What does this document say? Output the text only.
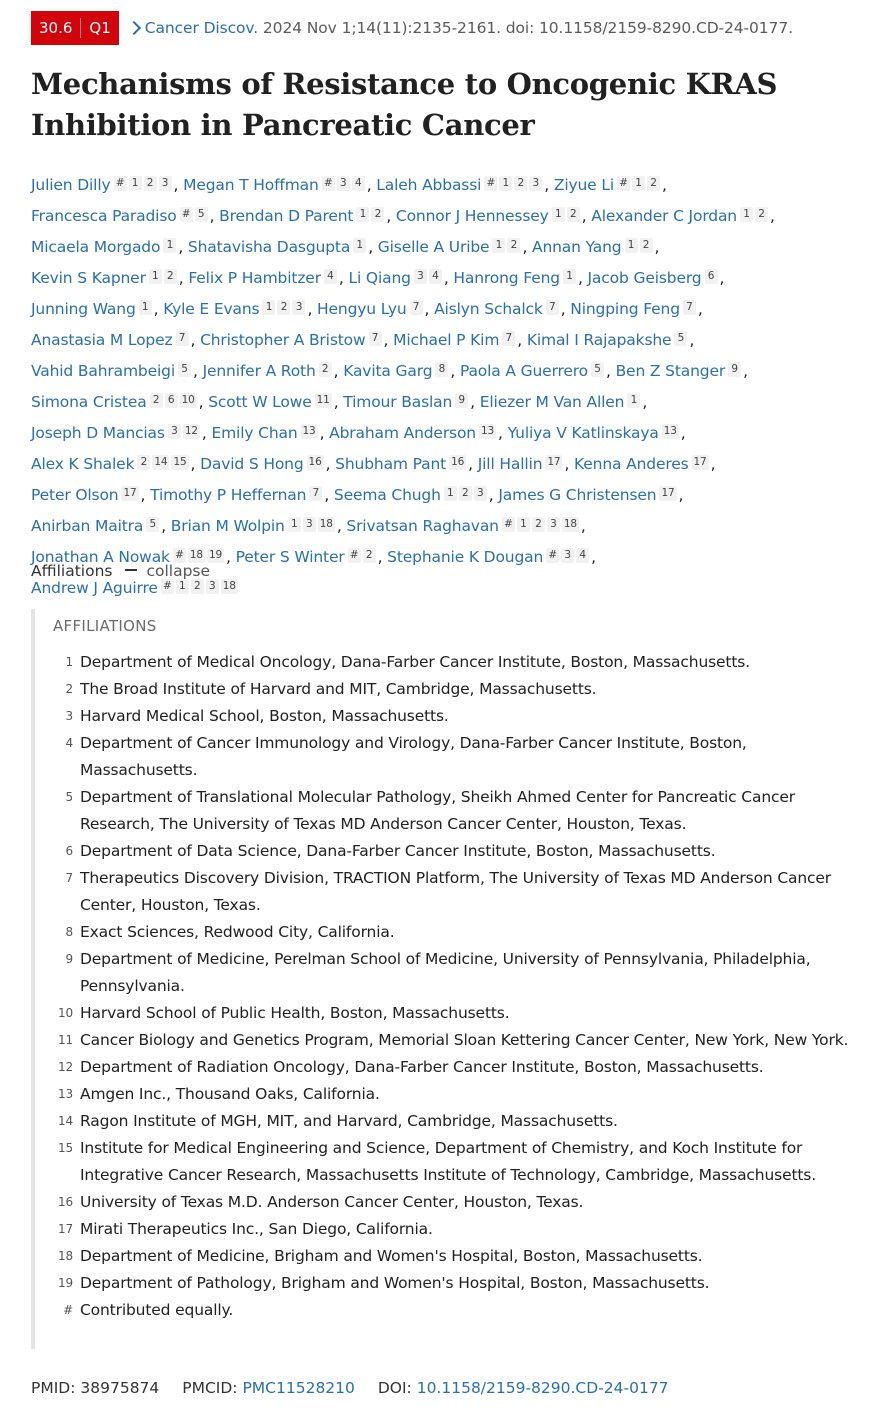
30.6	Q1	Cancer Discov. 2024 Nov 1;14(11):2135-2161. doi: 10.1158/2159-8290.CD-24-0177.
Mechanisms of Resistance to Oncogenic KRAS Inhibition in Pancreatic Cancer
Julien Dilly # 1 2 3 , Megan T Hoffman # 3 4 , Laleh Abbassi # 1 2 3 , Ziyue Li # 1 2 ,
Francesca Paradiso # 5 , Brendan D Parent 1 2 , Connor J Hennessey 1 2 , Alexander C Jordan 1 2 ,
Micaela Morgado 1 , Shatavisha Dasgupta 1 , Giselle A Uribe 1 2 , Annan Yang 1 2 ,
Kevin S Kapner 1 2 , Felix P Hambitzer 4 , Li Qiang 3 4 , Hanrong Feng 1 , Jacob Geisberg 6 ,
Junning Wang 1 , Kyle E Evans 1 2 3 , Hengyu Lyu 7 , Aislyn Schalck 7 , Ningping Feng 7 ,
Anastasia M Lopez 7 , Christopher A Bristow 7 , Michael P Kim 7 , Kimal I Rajapakshe 5 ,
Vahid Bahrambeigi 5 , Jennifer A Roth 2 , Kavita Garg 8 , Paola A Guerrero 5 , Ben Z Stanger 9 ,
Simona Cristea 2 6 10 , Scott W Lowe 11 , Timour Baslan 9 , Eliezer M Van Allen 1 ,
Joseph D Mancias 3 12 , Emily Chan 13 , Abraham Anderson 13 , Yuliya V Katlinskaya 13 ,
Alex K Shalek 2 14 15 , David S Hong 16 , Shubham Pant 16 , Jill Hallin 17 , Kenna Anderes 17 ,
Peter Olson 17 , Timothy P Heffernan 7 , Seema Chugh 1 2 3 , James G Christensen 17 ,
Anirban Maitra 5 , Brian M Wolpin 1 3 18 , Srivatsan Raghavan # 1 2 3 18 ,
Jonathan A Nowak # 18 19 , Peter S Winter # 2 , Stephanie K Dougan # 3 4 ,
Andrew J Aguirre # 1 2 3 18
Affiliations collapse
AFFILIATIONS
1 Department of Medical Oncology, Dana-Farber Cancer Institute, Boston, Massachusetts.
2 The Broad Institute of Harvard and MIT, Cambridge, Massachusetts.
3 Harvard Medical School, Boston, Massachusetts.
4 Department of Cancer Immunology and Virology, Dana-Farber Cancer Institute, Boston, Massachusetts.
5 Department of Translational Molecular Pathology, Sheikh Ahmed Center for Pancreatic Cancer Research, The University of Texas MD Anderson Cancer Center, Houston, Texas.
6 Department of Data Science, Dana-Farber Cancer Institute, Boston, Massachusetts.
7 Therapeutics Discovery Division, TRACTION Platform, The University of Texas MD Anderson Cancer Center, Houston, Texas.
8 Exact Sciences, Redwood City, California.
9 Department of Medicine, Perelman School of Medicine, University of Pennsylvania, Philadelphia, Pennsylvania.
10 Harvard School of Public Health, Boston, Massachusetts.
11 Cancer Biology and Genetics Program, Memorial Sloan Kettering Cancer Center, New York, New York.
12 Department of Radiation Oncology, Dana-Farber Cancer Institute, Boston, Massachusetts.
13 Amgen Inc., Thousand Oaks, California.
14 Ragon Institute of MGH, MIT, and Harvard, Cambridge, Massachusetts.
15 Institute for Medical Engineering and Science, Department of Chemistry, and Koch Institute for Integrative Cancer Research, Massachusetts Institute of Technology, Cambridge, Massachusetts.
16 University of Texas M.D. Anderson Cancer Center, Houston, Texas.
17 Mirati Therapeutics Inc., San Diego, California.
18 Department of Medicine, Brigham and Women's Hospital, Boston, Massachusetts.
19 Department of Pathology, Brigham and Women's Hospital, Boston, Massachusetts.
# Contributed equally.
PMID: 38975874 PMCID: PMC11528210 DOI: 10.1158/2159-8290.CD-24-0177
